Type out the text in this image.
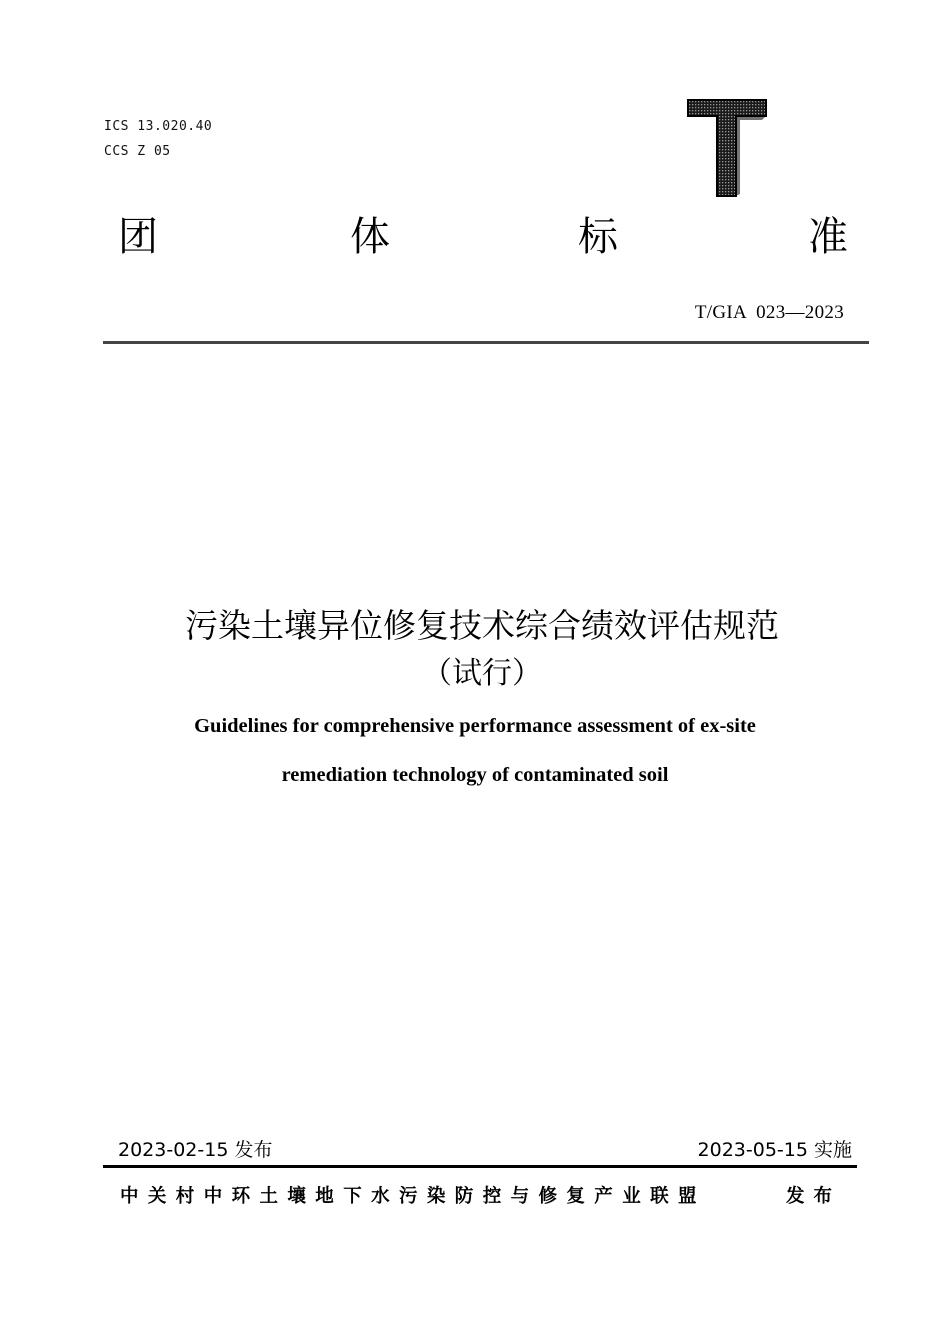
ICS 13.020.40
CCS Z 05
团	体	标	准
T/GIA  023—2023
污染土壤异位修复技术综合绩效评估规范
（试行）
Guidelines for comprehensive performance assessment of ex-site
remediation technology of contaminated soil
2023-02-15 发布	2023-05-15 实施
中关村中环土壤地下水污染防控与修复产业联盟	发布
